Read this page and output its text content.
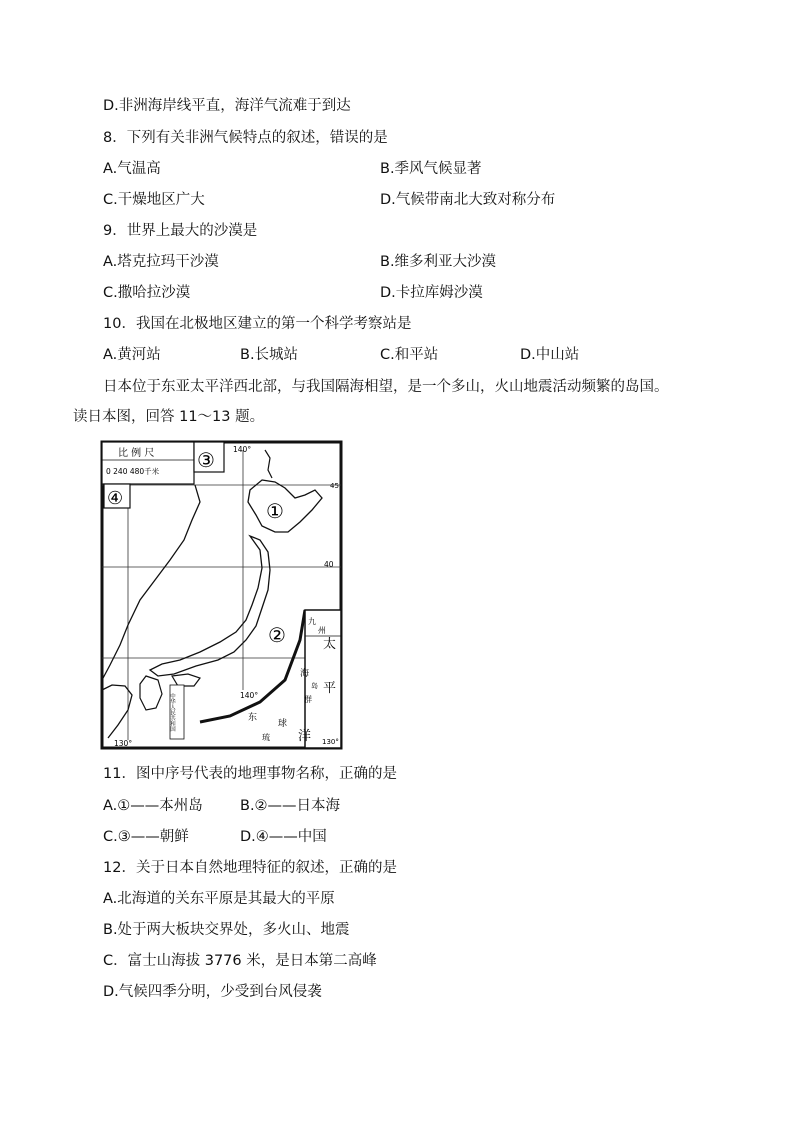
D.非洲海岸线平直，海洋气流难于到达
8．下列有关非洲气候特点的叙述，错误的是
A.气温高	B.季风气候显著
C.干燥地区广大	D.气候带南北大致对称分布
9．世界上最大的沙漠是
A.塔克拉玛干沙漠	B.维多利亚大沙漠
C.撒哈拉沙漠	D.卡拉库姆沙漠
10．我国在北极地区建立的第一个科学考察站是
A.黄河站	B.长城站	C.和平站	D.中山站
日本位于东亚太平洋西北部，与我国隔海相望，是一个多山，火山地震活动频繁的岛国。
读日本图，回答 11～13 题。
比 例 尺
0 240 480千米 ③
④
①
②
140°
140°
130°
45
40
中华人民共和国
九
州
太
平
洋
海
岛
群
东
球
琉	130°
11．图中序号代表的地理事物名称，正确的是
A.①——本州岛	B.②——日本海
C.③——朝鲜	D.④——中国
12．关于日本自然地理特征的叙述，正确的是
A.北海道的关东平原是其最大的平原
B.处于两大板块交界处，多火山、地震
C．富士山海拔 3776 米，是日本第二高峰
D.气候四季分明，少受到台风侵袭
